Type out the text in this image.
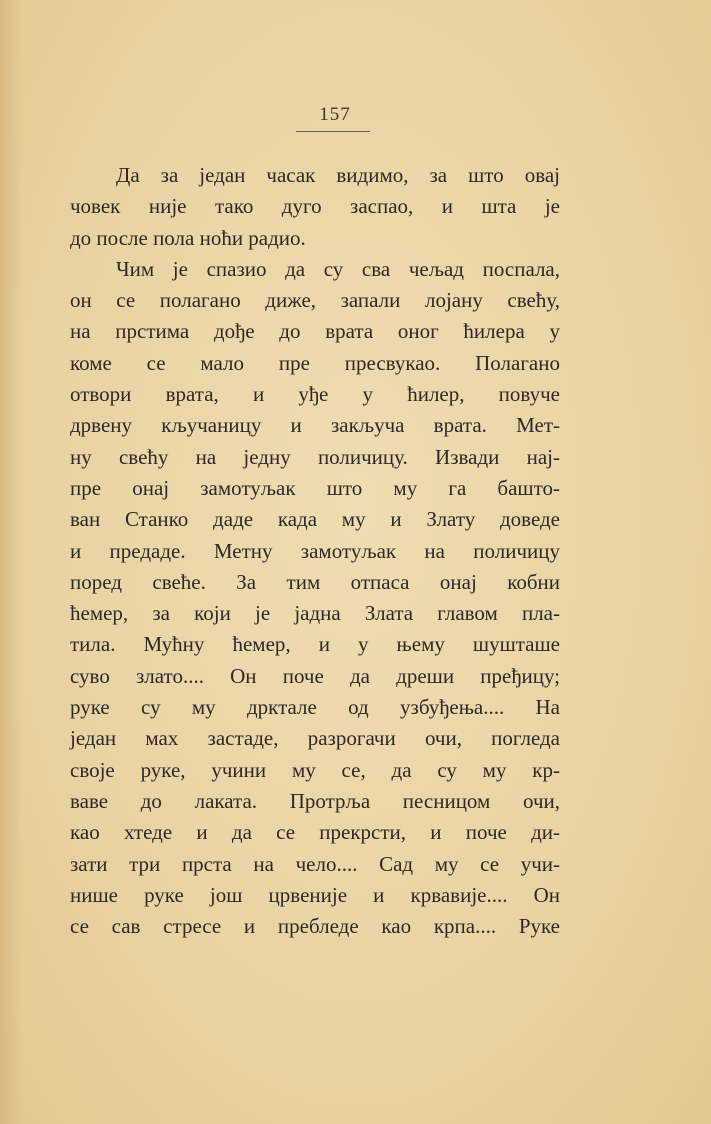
157
Да за један часак видимо, за што овај
човек није тако дуго заспао, и шта је
до после пола ноћи радио.
Чим је спазио да су сва чељад поспала,
он се полагано диже, запали лојану свећу,
на прстима дође до врата оног ћилера у
коме се мало пре пресвукао. Полагано
отвори врата, и уђе у ћилер, повуче
дрвену кључаницу и закључа врата. Мет-
ну свећу на једну поличицу. Извади нај-
пре онај замотуљак што му га башто-
ван Станко даде када му и Злату доведе
и предаде. Метну замотуљак на поличицу
поред свеће. За тим отпаса онај кобни
ћемер, за који је јадна Злата главом пла-
тила. Мућну ћемер, и у њему шушташе
суво злато.... Он поче да дреши пређицу;
руке су му дрктале од узбуђења.... На
један мах застаде, разрогачи очи, погледа
своје руке, учини му се, да су му кр-
ваве до лаката. Протрља песницом очи,
као хтеде и да се прекрсти, и поче ди-
зати три прста на чело.... Сад му се учи-
нише руке још црвеније и крвавије.... Он
се сав стресе и пребледе као крпа.... Руке
